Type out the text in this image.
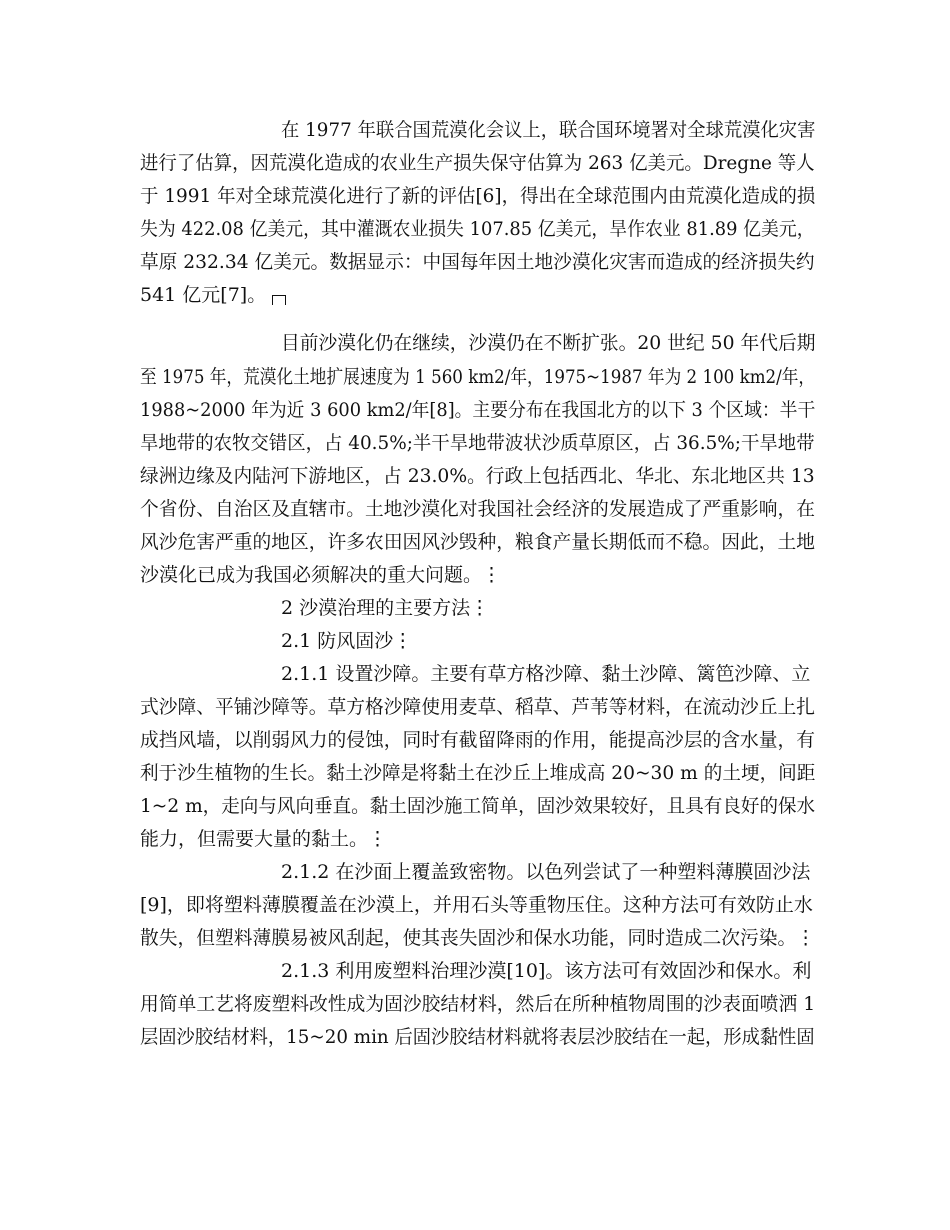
在 1977 年联合国荒漠化会议上，联合国环境署对全球荒漠化灾害
进行了估算，因荒漠化造成的农业生产损失保守估算为 263 亿美元。Dregne 等人
于 1991 年对全球荒漠化进行了新的评估[6]，得出在全球范围内由荒漠化造成的损
失为 422.08 亿美元，其中灌溉农业损失 107.85 亿美元，旱作农业 81.89 亿美元，
草原 232.34 亿美元。数据显示：中国每年因土地沙漠化灾害而造成的经济损失约
541 亿元[7]。
目前沙漠化仍在继续，沙漠仍在不断扩张。20 世纪 50 年代后期
至 1975 年，荒漠化土地扩展速度为 1 560 km2/年，1975~1987 年为 2 100 km2/年，
1988~2000 年为近 3 600 km2/年[8]。主要分布在我国北方的以下 3 个区域：半干
旱地带的农牧交错区，占 40.5%;半干旱地带波状沙质草原区，占 36.5%;干旱地带
绿洲边缘及内陆河下游地区，占 23.0%。行政上包括西北、华北、东北地区共 13
个省份、自治区及直辖市。土地沙漠化对我国社会经济的发展造成了严重影响，在
风沙危害严重的地区，许多农田因风沙毁种，粮食产量长期低而不稳。因此，土地
沙漠化已成为我国必须解决的重大问题。⋮
2 沙漠治理的主要方法⋮
2.1 防风固沙⋮
2.1.1 设置沙障。主要有草方格沙障、黏土沙障、篱笆沙障、立
式沙障、平铺沙障等。草方格沙障使用麦草、稻草、芦苇等材料，在流动沙丘上扎
成挡风墙，以削弱风力的侵蚀，同时有截留降雨的作用，能提高沙层的含水量，有
利于沙生植物的生长。黏土沙障是将黏土在沙丘上堆成高 20~30 m 的土埂，间距
1~2 m，走向与风向垂直。黏土固沙施工简单，固沙效果较好，且具有良好的保水
能力，但需要大量的黏土。⋮
2.1.2 在沙面上覆盖致密物。以色列尝试了一种塑料薄膜固沙法
[9]，即将塑料薄膜覆盖在沙漠上，并用石头等重物压住。这种方法可有效防止水
散失，但塑料薄膜易被风刮起，使其丧失固沙和保水功能，同时造成二次污染。⋮
2.1.3 利用废塑料治理沙漠[10]。该方法可有效固沙和保水。利
用简单工艺将废塑料改性成为固沙胶结材料，然后在所种植物周围的沙表面喷洒 1
层固沙胶结材料，15~20 min 后固沙胶结材料就将表层沙胶结在一起，形成黏性固
